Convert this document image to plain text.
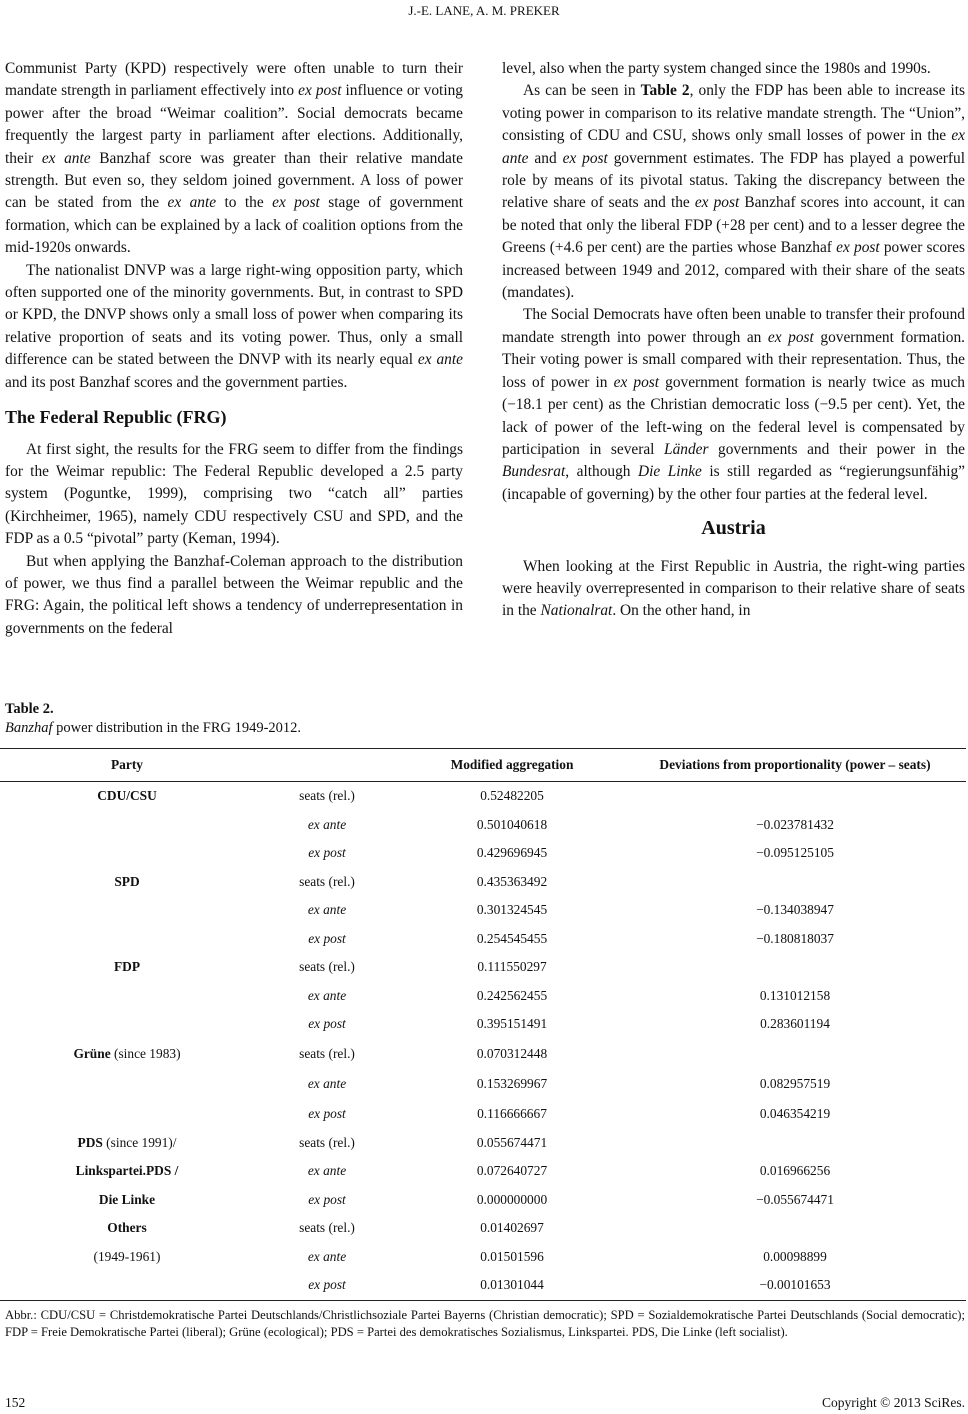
J.-E. LANE, A. M. PREKER

Communist Party (KPD) respectively were often unable to turn their mandate strength in parliament effectively into ex post influence or voting power after the broad “Weimar coalition”. Social democrats became frequently the largest party in parliament after elections. Additionally, their ex ante Banzhaf score was greater than their relative mandate strength. But even so, they seldom joined government. A loss of power can be stated from the ex ante to the ex post stage of government formation, which can be explained by a lack of coalition options from the mid-1920s onwards.

The nationalist DNVP was a large right-wing opposition party, which often supported one of the minority governments. But, in contrast to SPD or KPD, the DNVP shows only a small loss of power when comparing its relative proportion of seats and its voting power. Thus, only a small difference can be stated between the DNVP with its nearly equal ex ante and its post Banzhaf scores and the government parties.

The Federal Republic (FRG)

At first sight, the results for the FRG seem to differ from the findings for the Weimar republic: The Federal Republic developed a 2.5 party system (Poguntke, 1999), comprising two “catch all” parties (Kirchheimer, 1965), namely CDU respectively CSU and SPD, and the FDP as a 0.5 “pivotal” party (Keman, 1994).

But when applying the Banzhaf-Coleman approach to the distribution of power, we thus find a parallel between the Weimar republic and the FRG: Again, the political left shows a tendency of underrepresentation in governments on the federal

level, also when the party system changed since the 1980s and 1990s.

As can be seen in Table 2, only the FDP has been able to increase its voting power in comparison to its relative mandate strength. The “Union”, consisting of CDU and CSU, shows only small losses of power in the ex ante and ex post government estimates. The FDP has played a powerful role by means of its pivotal status. Taking the discrepancy between the relative share of seats and the ex post Banzhaf scores into account, it can be noted that only the liberal FDP (+28 per cent) and to a lesser degree the Greens (+4.6 per cent) are the parties whose Banzhaf ex post power scores increased between 1949 and 2012, compared with their share of the seats (mandates).

The Social Democrats have often been unable to transfer their profound mandate strength into power through an ex post government formation. Their voting power is small compared with their representation. Thus, the loss of power in ex post government formation is nearly twice as much (−18.1 per cent) as the Christian democratic loss (−9.5 per cent). Yet, the lack of power of the left-wing on the federal level is compensated by participation in several Länder governments and their power in the Bundesrat, although Die Linke is still regarded as “regierungsunfähig” (incapable of governing) by the other four parties at the federal level.

Austria

When looking at the First Republic in Austria, the right-wing parties were heavily overrepresented in comparison to their relative share of seats in the Nationalrat. On the other hand, in

Table 2.
Banzhaf power distribution in the FRG 1949-2012.
Party		Modified aggregation	Deviations from proportionality (power – seats)
CDU/CSU	seats (rel.)	0.52482205	
	ex ante	0.501040618	−0.023781432
	ex post	0.429696945	−0.095125105
SPD	seats (rel.)	0.435363492	
	ex ante	0.301324545	−0.134038947
	ex post	0.254545455	−0.180818037
FDP	seats (rel.)	0.111550297	
	ex ante	0.242562455	0.131012158
	ex post	0.395151491	0.283601194
Grüne (since 1983)	seats (rel.)	0.070312448	
	ex ante	0.153269967	0.082957519
	ex post	0.116666667	0.046354219
PDS (since 1991)/	seats (rel.)	0.055674471	
Linkspartei.PDS /	ex ante	0.072640727	0.016966256
Die Linke	ex post	0.000000000	−0.055674471
Others	seats (rel.)	0.01402697	
(1949-1961)	ex ante	0.01501596	0.00098899
	ex post	0.01301044	−0.00101653
Abbr.: CDU/CSU = Christdemokratische Partei Deutschlands/Christlichsoziale Partei Bayerns (Christian democratic); SPD = Sozialdemokratische Partei Deutschlands (Social democratic); FDP = Freie Demokratische Partei (liberal); Grüne (ecological); PDS = Partei des demokratisches Sozialismus, Linkspartei. PDS, Die Linke (left socialist).
152	Copyright © 2013 SciRes.
